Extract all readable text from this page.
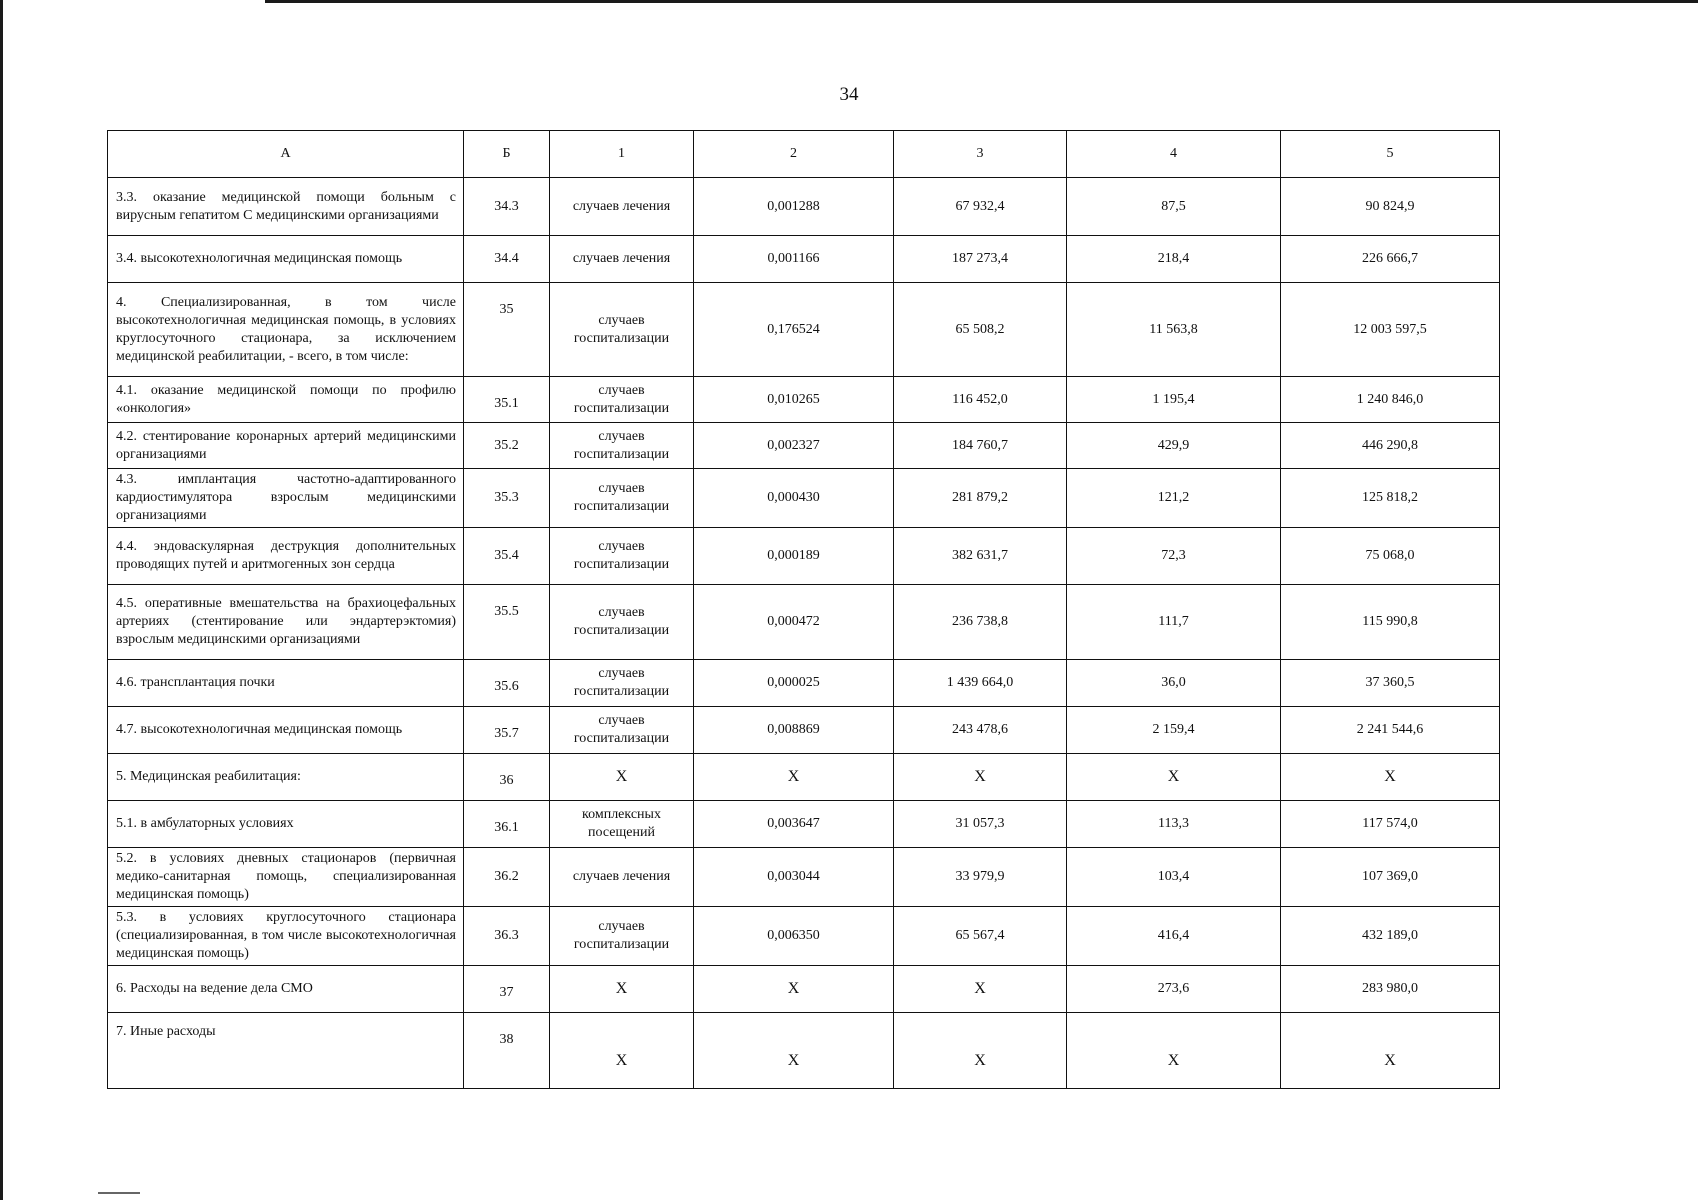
34
А	Б	1	2	3	4	5
3.3. оказание медицинской помощи больным с вирусным гепатитом С медицинскими организациями	34.3	случаев лечения	0,001288	67 932,4	87,5	90 824,9
3.4. высокотехнологичная медицинская помощь	34.4	случаев лечения	0,001166	187 273,4	218,4	226 666,7
4. Специализированная, в том числе высокотехнологичная медицинская помощь, в условиях круглосуточного стационара, за исключением медицинской реабилитации, - всего, в том числе:	35	случаев госпитализации	0,176524	65 508,2	11 563,8	12 003 597,5
4.1. оказание медицинской помощи по профилю «онкология»	35.1	случаев госпитализации	0,010265	116 452,0	1 195,4	1 240 846,0
4.2. стентирование коронарных артерий медицинскими организациями	35.2	случаев госпитализации	0,002327	184 760,7	429,9	446 290,8
4.3. имплантация частотно-адаптированного кардиостимулятора взрослым медицинскими организациями	35.3	случаев госпитализации	0,000430	281 879,2	121,2	125 818,2
4.4. эндоваскулярная деструкция дополнительных проводящих путей и аритмогенных зон сердца	35.4	случаев госпитализации	0,000189	382 631,7	72,3	75 068,0
4.5. оперативные вмешательства на брахиоцефальных артериях (стентирование или эндартерэктомия) взрослым медицинскими организациями	35.5	случаев госпитализации	0,000472	236 738,8	111,7	115 990,8
4.6. трансплантация почки	35.6	случаев госпитализации	0,000025	1 439 664,0	36,0	37 360,5
4.7. высокотехнологичная медицинская помощь	35.7	случаев госпитализации	0,008869	243 478,6	2 159,4	2 241 544,6
5. Медицинская реабилитация:	36	Х	Х	Х	Х	Х
5.1. в амбулаторных условиях	36.1	комплексных посещений	0,003647	31 057,3	113,3	117 574,0
5.2. в условиях дневных стационаров (первичная медико-санитарная помощь, специализированная медицинская помощь)	36.2	случаев лечения	0,003044	33 979,9	103,4	107 369,0
5.3. в условиях круглосуточного стационара (специализированная, в том числе высокотехнологичная медицинская помощь)	36.3	случаев госпитализации	0,006350	65 567,4	416,4	432 189,0
6. Расходы на ведение дела СМО	37	Х	Х	Х	273,6	283 980,0
7. Иные расходы	38	Х	Х	Х	Х	Х
